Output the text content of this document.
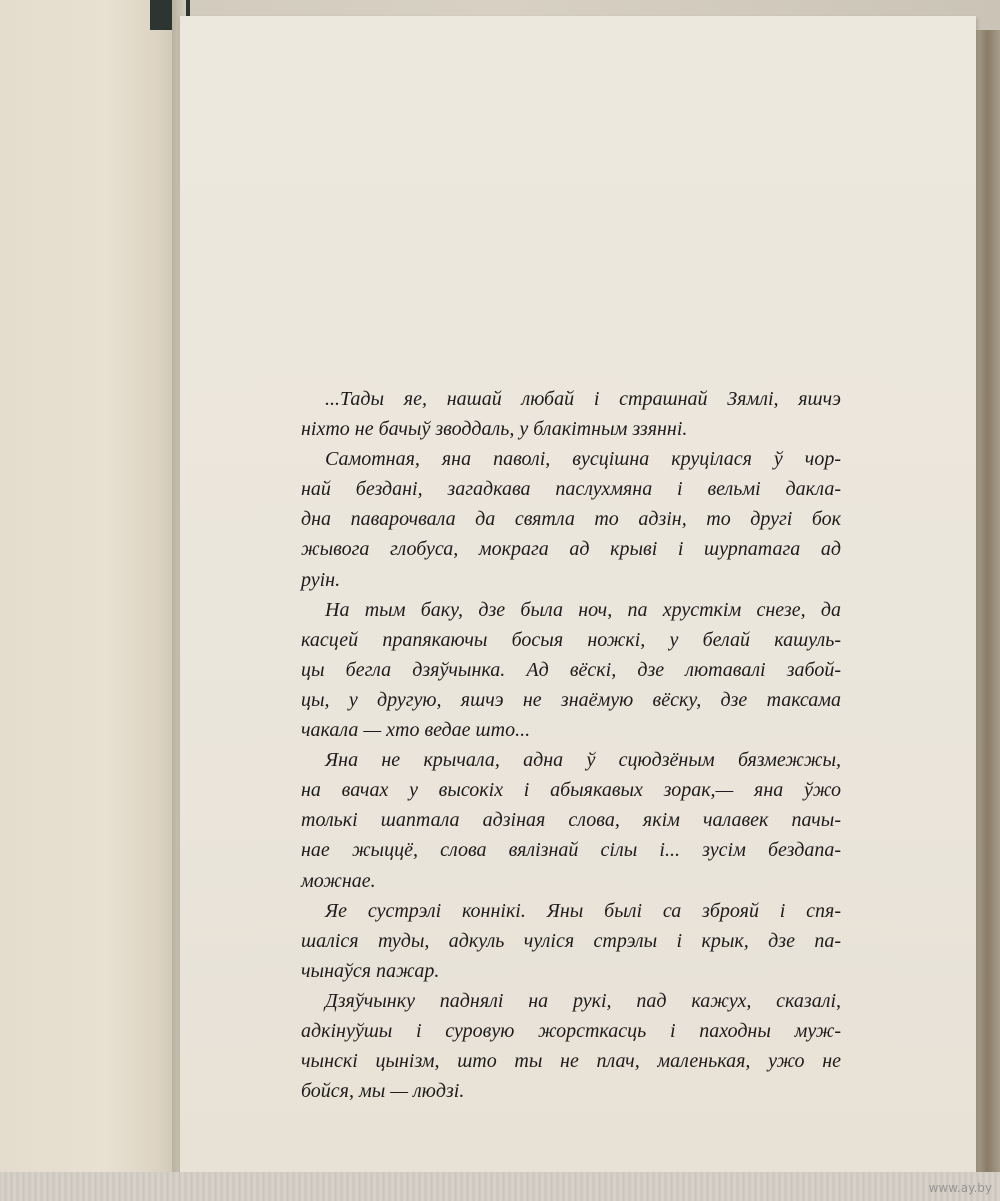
...Тады яе, нашай любай і страшнай Зямлі, яшчэ
ніхто не бачыў зводдаль, у блакітным ззянні.
Самотная, яна паволі, вусцішна круцілася ў чор-
най бездані, загадкава паслухмяна і вельмі дакла-
дна паварочвала да святла то адзін, то другі бок
жывога глобуса, мокрага ад крыві і шурпатага ад
руін.
На тым баку, дзе была ноч, па хрусткім снезе, да
касцей прапякаючы босыя ножкі, у белай кашуль-
цы бегла дзяўчынка. Ад вёскі, дзе лютавалі забой-
цы, у другую, яшчэ не знаёмую вёску, дзе таксама
чакала — хто ведае што...
Яна не крычала, адна ў сцюдзёным бязмежжы,
на вачах у высокіх і абыякавых зорак,— яна ўжо
толькі шаптала адзіная слова, якім чалавек пачы-
нае жыццё, слова вялізнай сілы і... зусім бездапа-
можнае.
Яе сустрэлі коннікі. Яны былі са зброяй і спя-
шаліся туды, адкуль чуліся стрэлы і крык, дзе па-
чынаўся пажар.
Дзяўчынку паднялі на рукі, пад кажух, сказалі,
адкінуўшы і суровую жорсткасць і паходны муж-
чынскі цынізм, што ты не плач, маленькая, ужо не
бойся, мы — людзі.
www.ay.by
